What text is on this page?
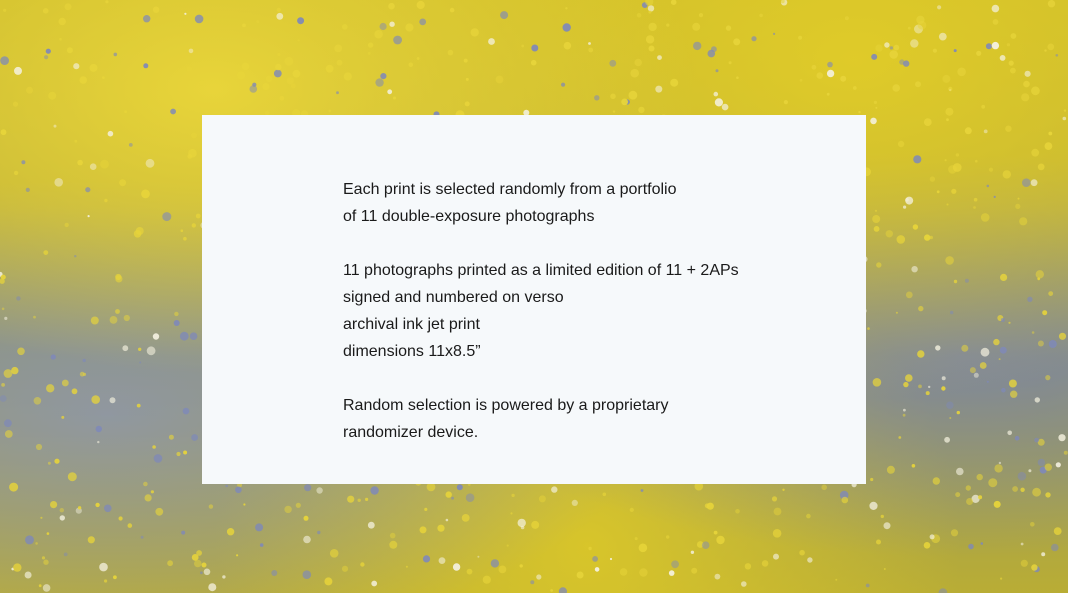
Each print is selected randomly from a portfolio
of 11 double-exposure photographs

11 photographs printed as a limited edition of 11 + 2APs
signed and numbered on verso
archival ink jet print
dimensions 11x8.5”

Random selection is powered by a proprietary
randomizer device.
